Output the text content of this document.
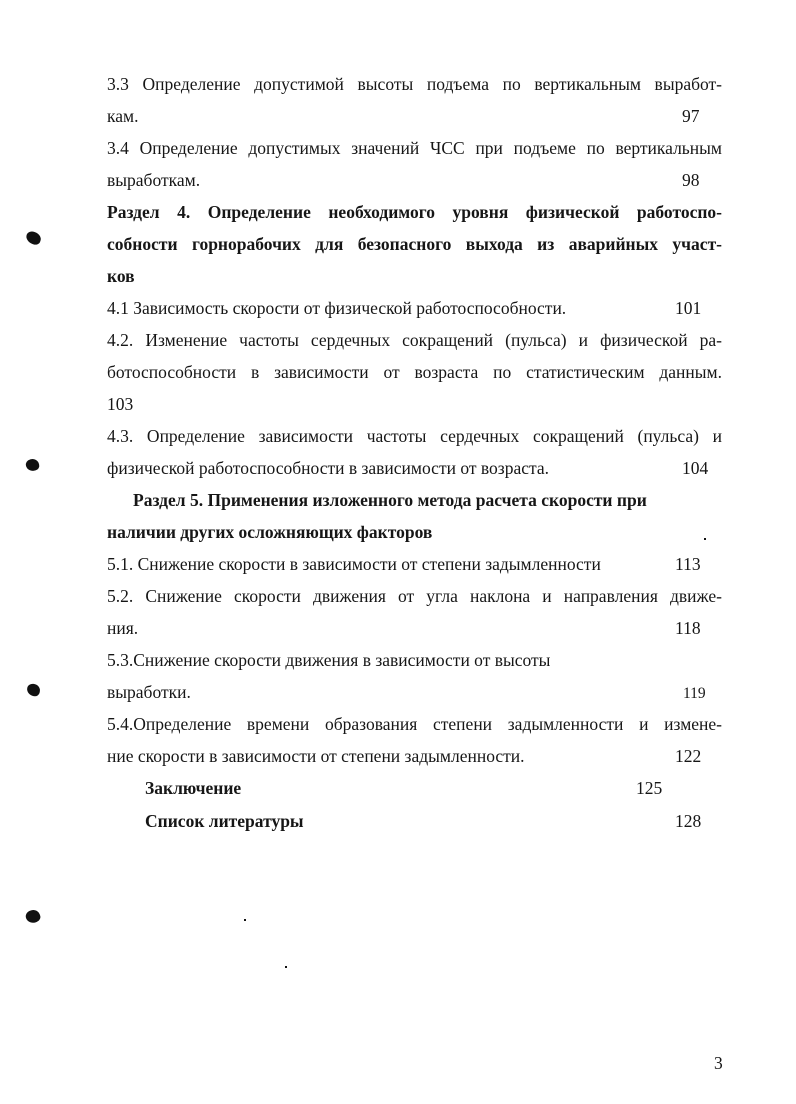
3.3 Определение допустимой высоты подъема по вертикальным выработ-
кам.	97
3.4 Определение допустимых значений ЧСС при подъеме по вертикальным
выработкам.	98
Раздел 4. Определение необходимого уровня физической работоспо-
собности горнорабочих для безопасного выхода из аварийных участ-
ков
4.1 Зависимость скорости от физической работоспособности.	101
4.2. Изменение частоты сердечных сокращений (пульса) и физической ра-
ботоспособности в зависимости от возраста по статистическим данным.
103
4.3. Определение зависимости частоты сердечных сокращений (пульса) и
физической работоспособности в зависимости от возраста.	104
Раздел 5. Применения изложенного метода расчета скорости при
наличии других осложняющих факторов
5.1. Снижение скорости в зависимости от степени задымленности	113
5.2. Снижение скорости движения от угла наклона и направления движе-
ния.	118
5.3.Снижение скорости движения в зависимости от высоты
выработки.	119
5.4.Определение времени образования степени задымленности и измене-
ние скорости в зависимости от степени задымленности.	122
Заключение	125
Список литературы	128
3
